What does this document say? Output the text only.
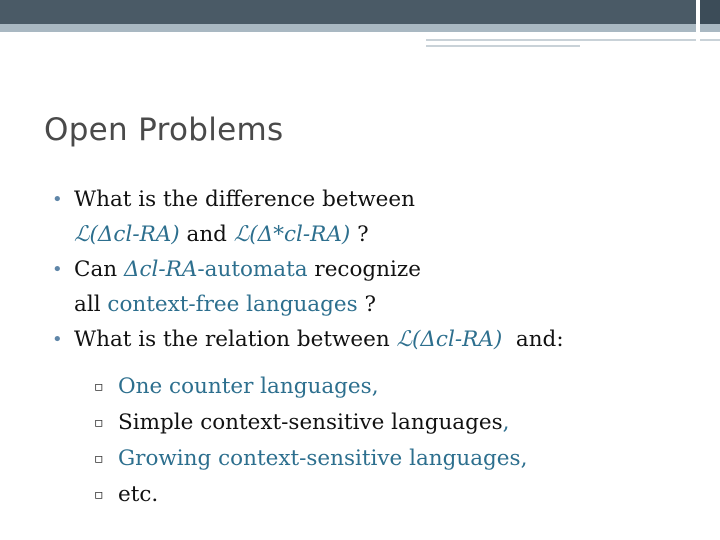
Open Problems
• What is the difference between
ℒ(Δcl-RA) and ℒ(Δ*cl-RA) ?
• Can Δcl-RA-automata recognize
all context-free languages ?
• What is the relation between ℒ(Δcl-RA)  and:
▫ One counter languages,
▫ Simple context-sensitive languages,
▫ Growing context-sensitive languages,
▫ etc.
